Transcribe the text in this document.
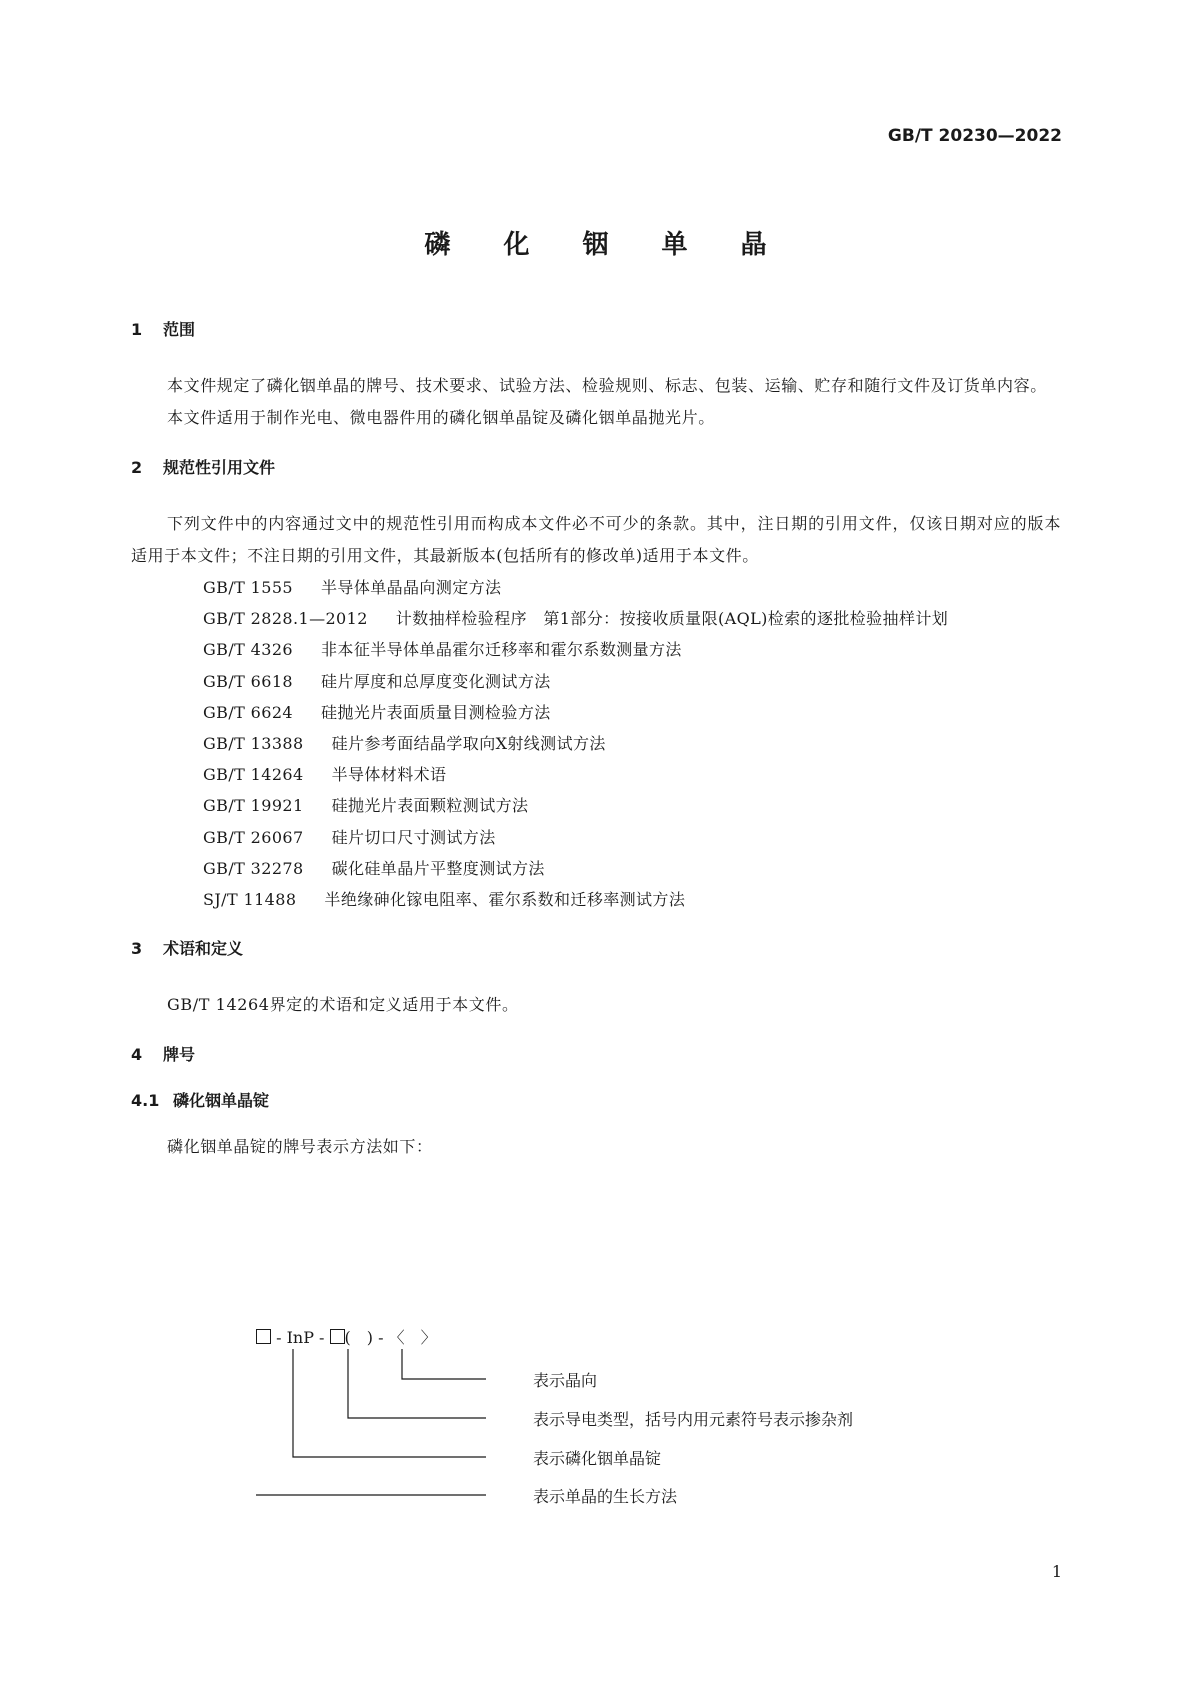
GB/T 20230—2022
磷 化 铟 单 晶
1 范围

本文件规定了磷化铟单晶的牌号、技术要求、试验方法、检验规则、标志、包装、运输、贮存和随行文件及订货单内容。

本文件适用于制作光电、微电器件用的磷化铟单晶锭及磷化铟单晶抛光片。

2 规范性引用文件

下列文件中的内容通过文中的规范性引用而构成本文件必不可少的条款。其中，注日期的引用文件，仅该日期对应的版本适用于本文件；不注日期的引用文件，其最新版本(包括所有的修改单)适用于本文件。

GB/T 1555 半导体单晶晶向测定方法

GB/T 2828.1—2012 计数抽样检验程序　第1部分：按接收质量限(AQL)检索的逐批检验抽样计划

GB/T 4326 非本征半导体单晶霍尔迁移率和霍尔系数测量方法

GB/T 6618 硅片厚度和总厚度变化测试方法

GB/T 6624 硅抛光片表面质量目测检验方法

GB/T 13388 硅片参考面结晶学取向X射线测试方法

GB/T 14264 半导体材料术语

GB/T 19921 硅抛光片表面颗粒测试方法

GB/T 26067 硅片切口尺寸测试方法

GB/T 32278 碳化硅单晶片平整度测试方法

SJ/T 11488 半绝缘砷化镓电阻率、霍尔系数和迁移率测试方法

3 术语和定义

GB/T 14264界定的术语和定义适用于本文件。

4 牌号
4.1 磷化铟单晶锭

磷化铟单晶锭的牌号表示方法如下：

- InP - (　) - 〈　〉
表示晶向
表示导电类型，括号内用元素符号表示掺杂剂
表示磷化铟单晶锭
表示单晶的生长方法
1
